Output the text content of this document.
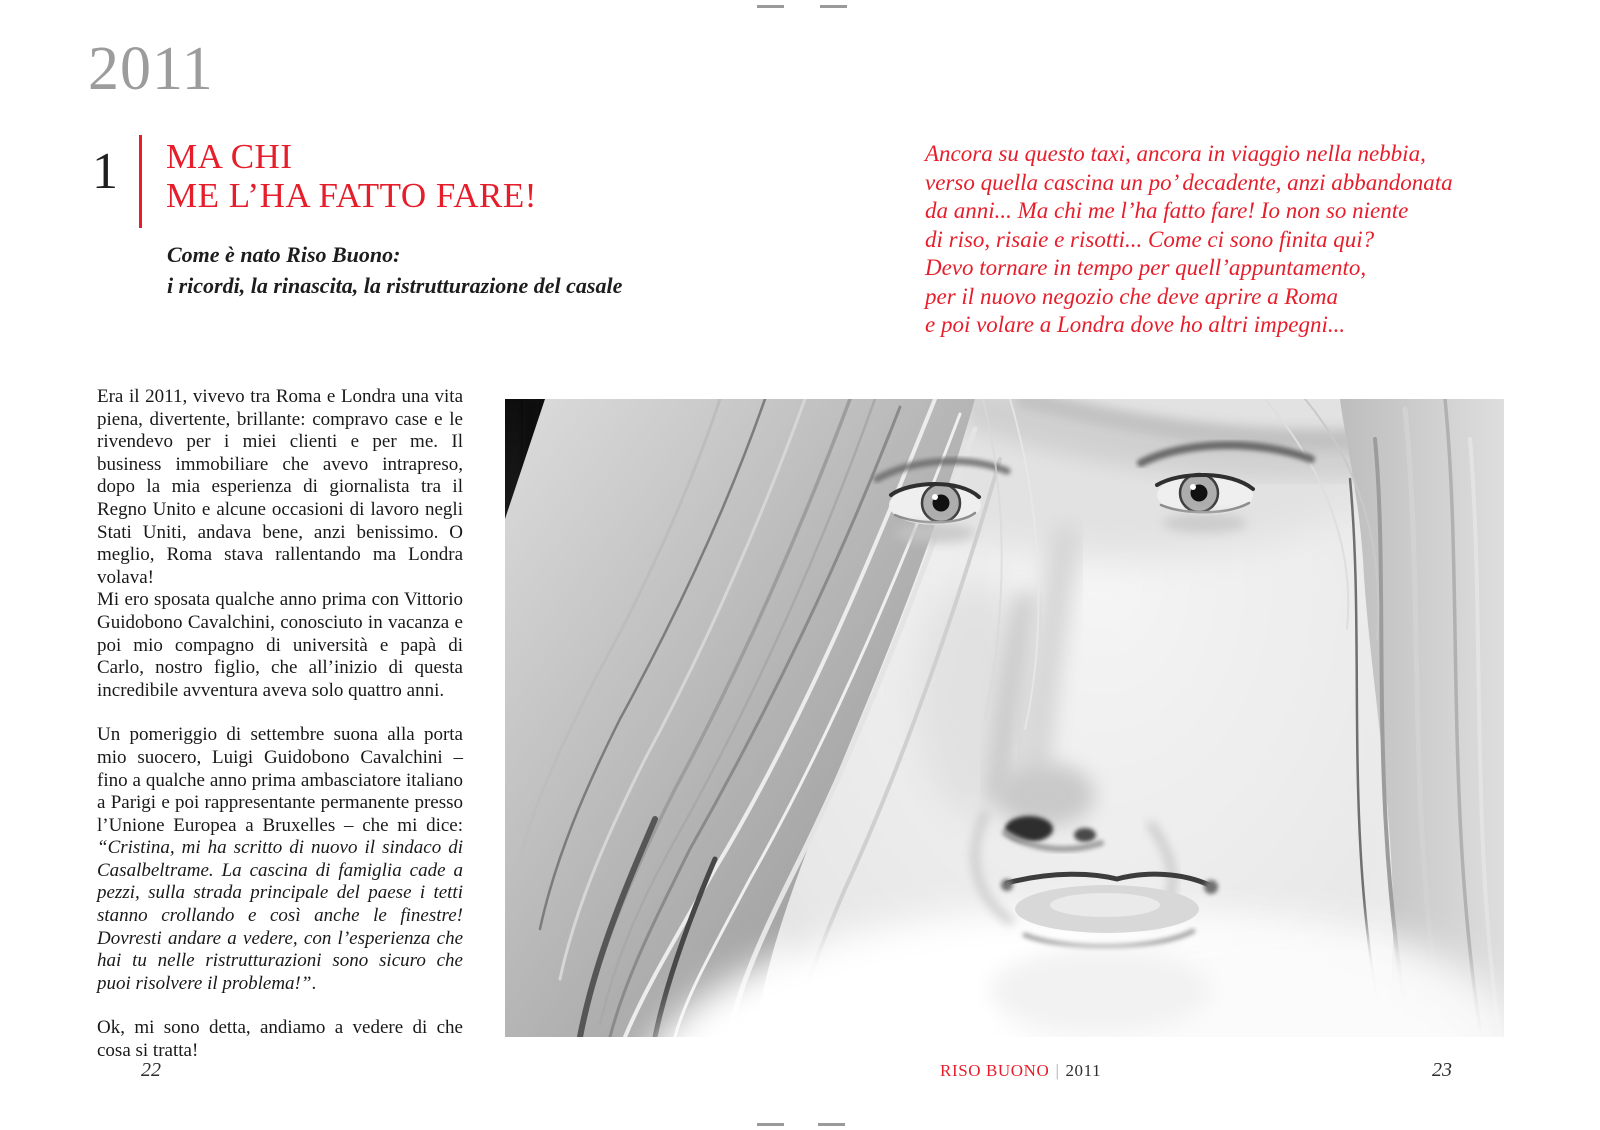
2011
1 MA CHI
ME L’HA FATTO FARE!
Come è nato Riso Buono:
i ricordi, la rinascita, la ristrutturazione del casale

Era il 2011, vivevo tra Roma e Londra una vita piena, divertente, brillante: compravo case e le rivendevo per i miei clienti e per me. Il business immobiliare che avevo intrapreso, dopo la mia esperienza di giornalista tra il Regno Unito e alcune occasioni di lavoro negli Stati Uniti, andava bene, anzi benissimo. O meglio, Roma stava rallentando ma Londra volava!

Mi ero sposata qualche anno prima con Vittorio Guidobono Cavalchini, conosciuto in vacanza e poi mio compagno di università e papà di Carlo, nostro figlio, che all’inizio di questa incredibile avventura aveva solo quattro anni.

Un pomeriggio di settembre suona alla porta mio suocero, Luigi Guidobono Cavalchini – fino a qualche anno prima ambasciatore italiano a Parigi e poi rappresentante permanente presso l’Unione Europea a Bruxelles – che mi dice: “Cristina, mi ha scritto di nuovo il sindaco di Casalbeltrame. La cascina di famiglia cade a pezzi, sulla strada principale del paese i tetti stanno crollando e così anche le finestre! Dovresti andare a vedere, con l’esperienza che hai tu nelle ristrutturazioni sono sicuro che puoi risolvere il problema!”.

Ok, mi sono detta, andiamo a vedere di che cosa si tratta!

Ancora su questo taxi, ancora in viaggio nella nebbia,
verso quella cascina un po’ decadente, anzi abbandonata
da anni... Ma chi me l’ha fatto fare! Io non so niente
di riso, risaie e risotti... Come ci sono finita qui?
Devo tornare in tempo per quell’appuntamento,
per il nuovo negozio che deve aprire a Roma
e poi volare a Londra dove ho altri impegni...
22	RISO BUONO | 2011	23
